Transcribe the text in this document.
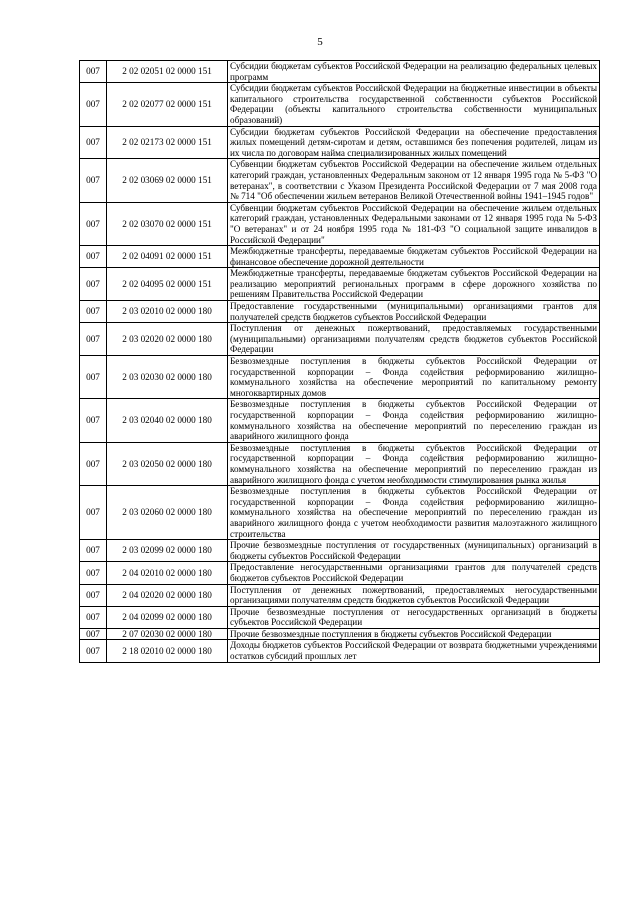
5
007	2 02 02051 02 0000 151	Субсидии бюджетам субъектов Российской Федерации на реализацию федеральных целевых программ
007	2 02 02077 02 0000 151	Субсидии бюджетам субъектов Российской Федерации на бюджетные инвестиции в объекты капитального строительства государственной собственности субъектов Российской Федерации (объекты капитального строительства собственности муниципальных образований)
007	2 02 02173 02 0000 151	Субсидии бюджетам субъектов Российской Федерации на обеспечение предоставления жилых помещений детям-сиротам и детям, оставшимся без попечения родителей, лицам из их числа по договорам найма специализированных жилых помещений
007	2 02 03069 02 0000 151	Субвенции бюджетам субъектов Российской Федерации на обеспечение жильем отдельных категорий граждан, установленных Федеральным законом от 12 января 1995 года № 5-ФЗ "О ветеранах", в соответствии с Указом Президента Российской Федерации от 7 мая 2008 года № 714 "Об обеспечении жильем ветеранов Великой Отечественной войны 1941–1945 годов"
007	2 02 03070 02 0000 151	Субвенции бюджетам субъектов Российской Федерации на обеспечение жильем отдельных категорий граждан, установленных Федеральными законами от 12 января 1995 года № 5-ФЗ "О ветеранах" и от 24 ноября 1995 года № 181-ФЗ "О социальной защите инвалидов в Российской Федерации"
007	2 02 04091 02 0000 151	Межбюджетные трансферты, передаваемые бюджетам субъектов Российской Федерации на финансовое обеспечение дорожной деятельности
007	2 02 04095 02 0000 151	Межбюджетные трансферты, передаваемые бюджетам субъектов Российской Федерации на реализацию мероприятий региональных программ в сфере дорожного хозяйства по решениям Правительства Российской Федерации
007	2 03 02010 02 0000 180	Предоставление государственными (муниципальными) организациями грантов для получателей средств бюджетов субъектов Российской Федерации
007	2 03 02020 02 0000 180	Поступления от денежных пожертвований, предоставляемых государственными (муниципальными) организациями получателям средств бюджетов субъектов Российской Федерации
007	2 03 02030 02 0000 180	Безвозмездные поступления в бюджеты субъектов Российской Федерации от государственной корпорации – Фонда содействия реформированию жилищно-коммунального хозяйства на обеспечение мероприятий по капитальному ремонту многоквартирных домов
007	2 03 02040 02 0000 180	Безвозмездные поступления в бюджеты субъектов Российской Федерации от государственной корпорации – Фонда содействия реформированию жилищно-коммунального хозяйства на обеспечение мероприятий по переселению граждан из аварийного жилищного фонда
007	2 03 02050 02 0000 180	Безвозмездные поступления в бюджеты субъектов Российской Федерации от государственной корпорации – Фонда содействия реформированию жилищно-коммунального хозяйства на обеспечение мероприятий по переселению граждан из аварийного жилищного фонда с учетом необходимости стимулирования рынка жилья
007	2 03 02060 02 0000 180	Безвозмездные поступления в бюджеты субъектов Российской Федерации от государственной корпорации – Фонда содействия реформированию жилищно-коммунального хозяйства на обеспечение мероприятий по переселению граждан из аварийного жилищного фонда с учетом необходимости развития малоэтажного жилищного строительства
007	2 03 02099 02 0000 180	Прочие безвозмездные поступления от государственных (муниципальных) организаций в бюджеты субъектов Российской Федерации
007	2 04 02010 02 0000 180	Предоставление негосударственными организациями грантов для получателей средств бюджетов субъектов Российской Федерации
007	2 04 02020 02 0000 180	Поступления от денежных пожертвований, предоставляемых негосударственными организациями получателям средств бюджетов субъектов Российской Федерации
007	2 04 02099 02 0000 180	Прочие безвозмездные поступления от негосударственных организаций в бюджеты субъектов Российской Федерации
007	2 07 02030 02 0000 180	Прочие безвозмездные поступления в бюджеты субъектов Российской Федерации
007	2 18 02010 02 0000 180	Доходы бюджетов субъектов Российской Федерации от возврата бюджетными учреждениями остатков субсидий прошлых лет
